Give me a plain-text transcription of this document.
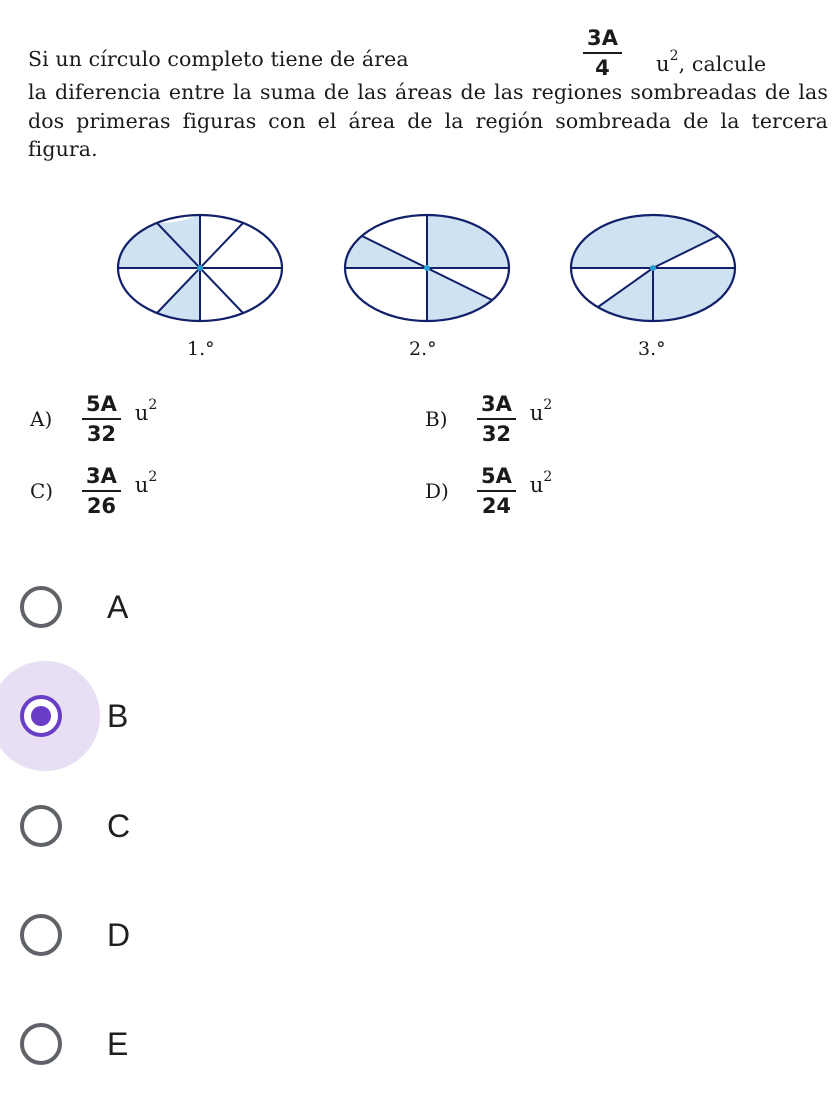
Si un círculo completo tiene de área	$\frac{3A}{4} u^2$, calcule
la diferencia entre la suma de las áreas de las regiones sombreadas de las dos primeras figuras con el área de la región sombreada de la tercera figura.
1.°	2.°	3.°
A)	$\frac{5A}{32} u^2$
B)	$\frac{3A}{32} u^2$
C)	$\frac{3A}{26} u^2$
D)	$\frac{5A}{24} u^2$
A
B
C
D
E
